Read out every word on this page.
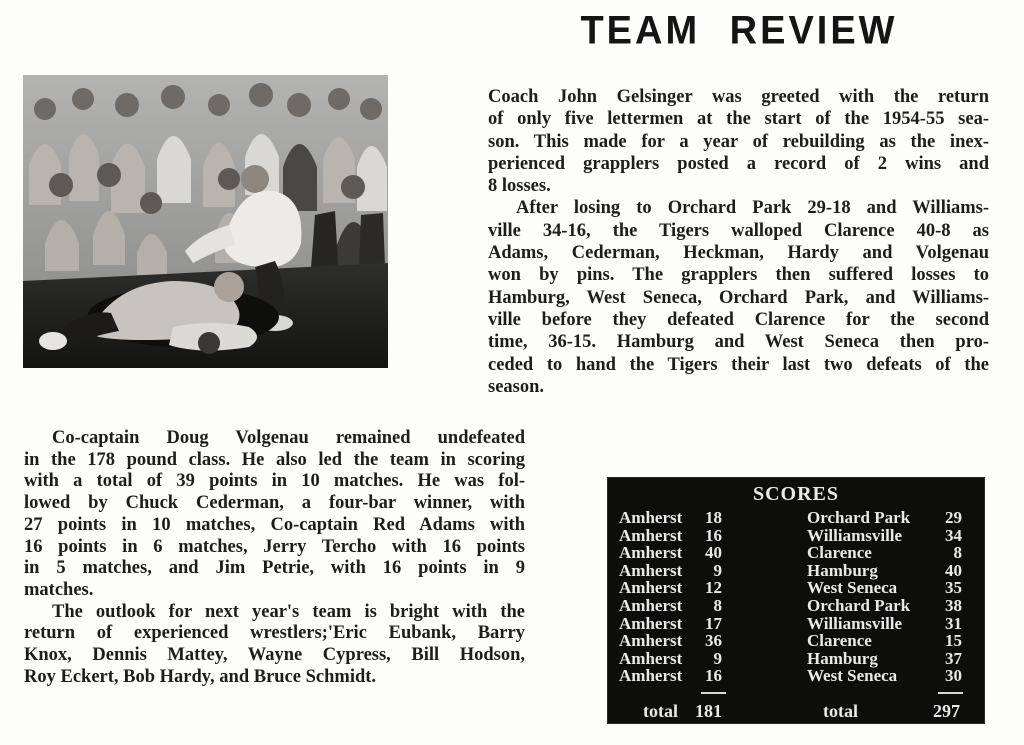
TEAM REVIEW
Coach John Gelsinger was greeted with the return
of only five lettermen at the start of the 1954-55 sea-
son. This made for a year of rebuilding as the inex-
perienced grapplers posted a record of 2 wins and
8 losses.
After losing to Orchard Park 29-18 and Williams-
ville 34-16, the Tigers walloped Clarence 40-8 as
Adams, Cederman, Heckman, Hardy and Volgenau
won by pins. The grapplers then suffered losses to
Hamburg, West Seneca, Orchard Park, and Williams-
ville before they defeated Clarence for the second
time, 36-15. Hamburg and West Seneca then pro-
ceded to hand the Tigers their last two defeats of the
season.
Co-captain Doug Volgenau remained undefeated
in the 178 pound class. He also led the team in scoring
with a total of 39 points in 10 matches. He was fol-
lowed by Chuck Cederman, a four-bar winner, with
27 points in 10 matches, Co-captain Red Adams with
16 points in 6 matches, Jerry Tercho with 16 points
in 5 matches, and Jim Petrie, with 16 points in 9
matches.
The outlook for next year's team is bright with the
return of experienced wrestlers;'Eric Eubank, Barry
Knox, Dennis Mattey, Wayne Cypress, Bill Hodson,
Roy Eckert, Bob Hardy, and Bruce Schmidt.
SCORES
Amherst	18	Orchard Park	29
Amherst	16	Williamsville	34
Amherst	40	Clarence	8
Amherst	9	Hamburg	40
Amherst	12	West Seneca	35
Amherst	8	Orchard Park	38
Amherst	17	Williamsville	31
Amherst	36	Clarence	15
Amherst	9	Hamburg	37
Amherst	16	West Seneca	30
total 181	total	297
